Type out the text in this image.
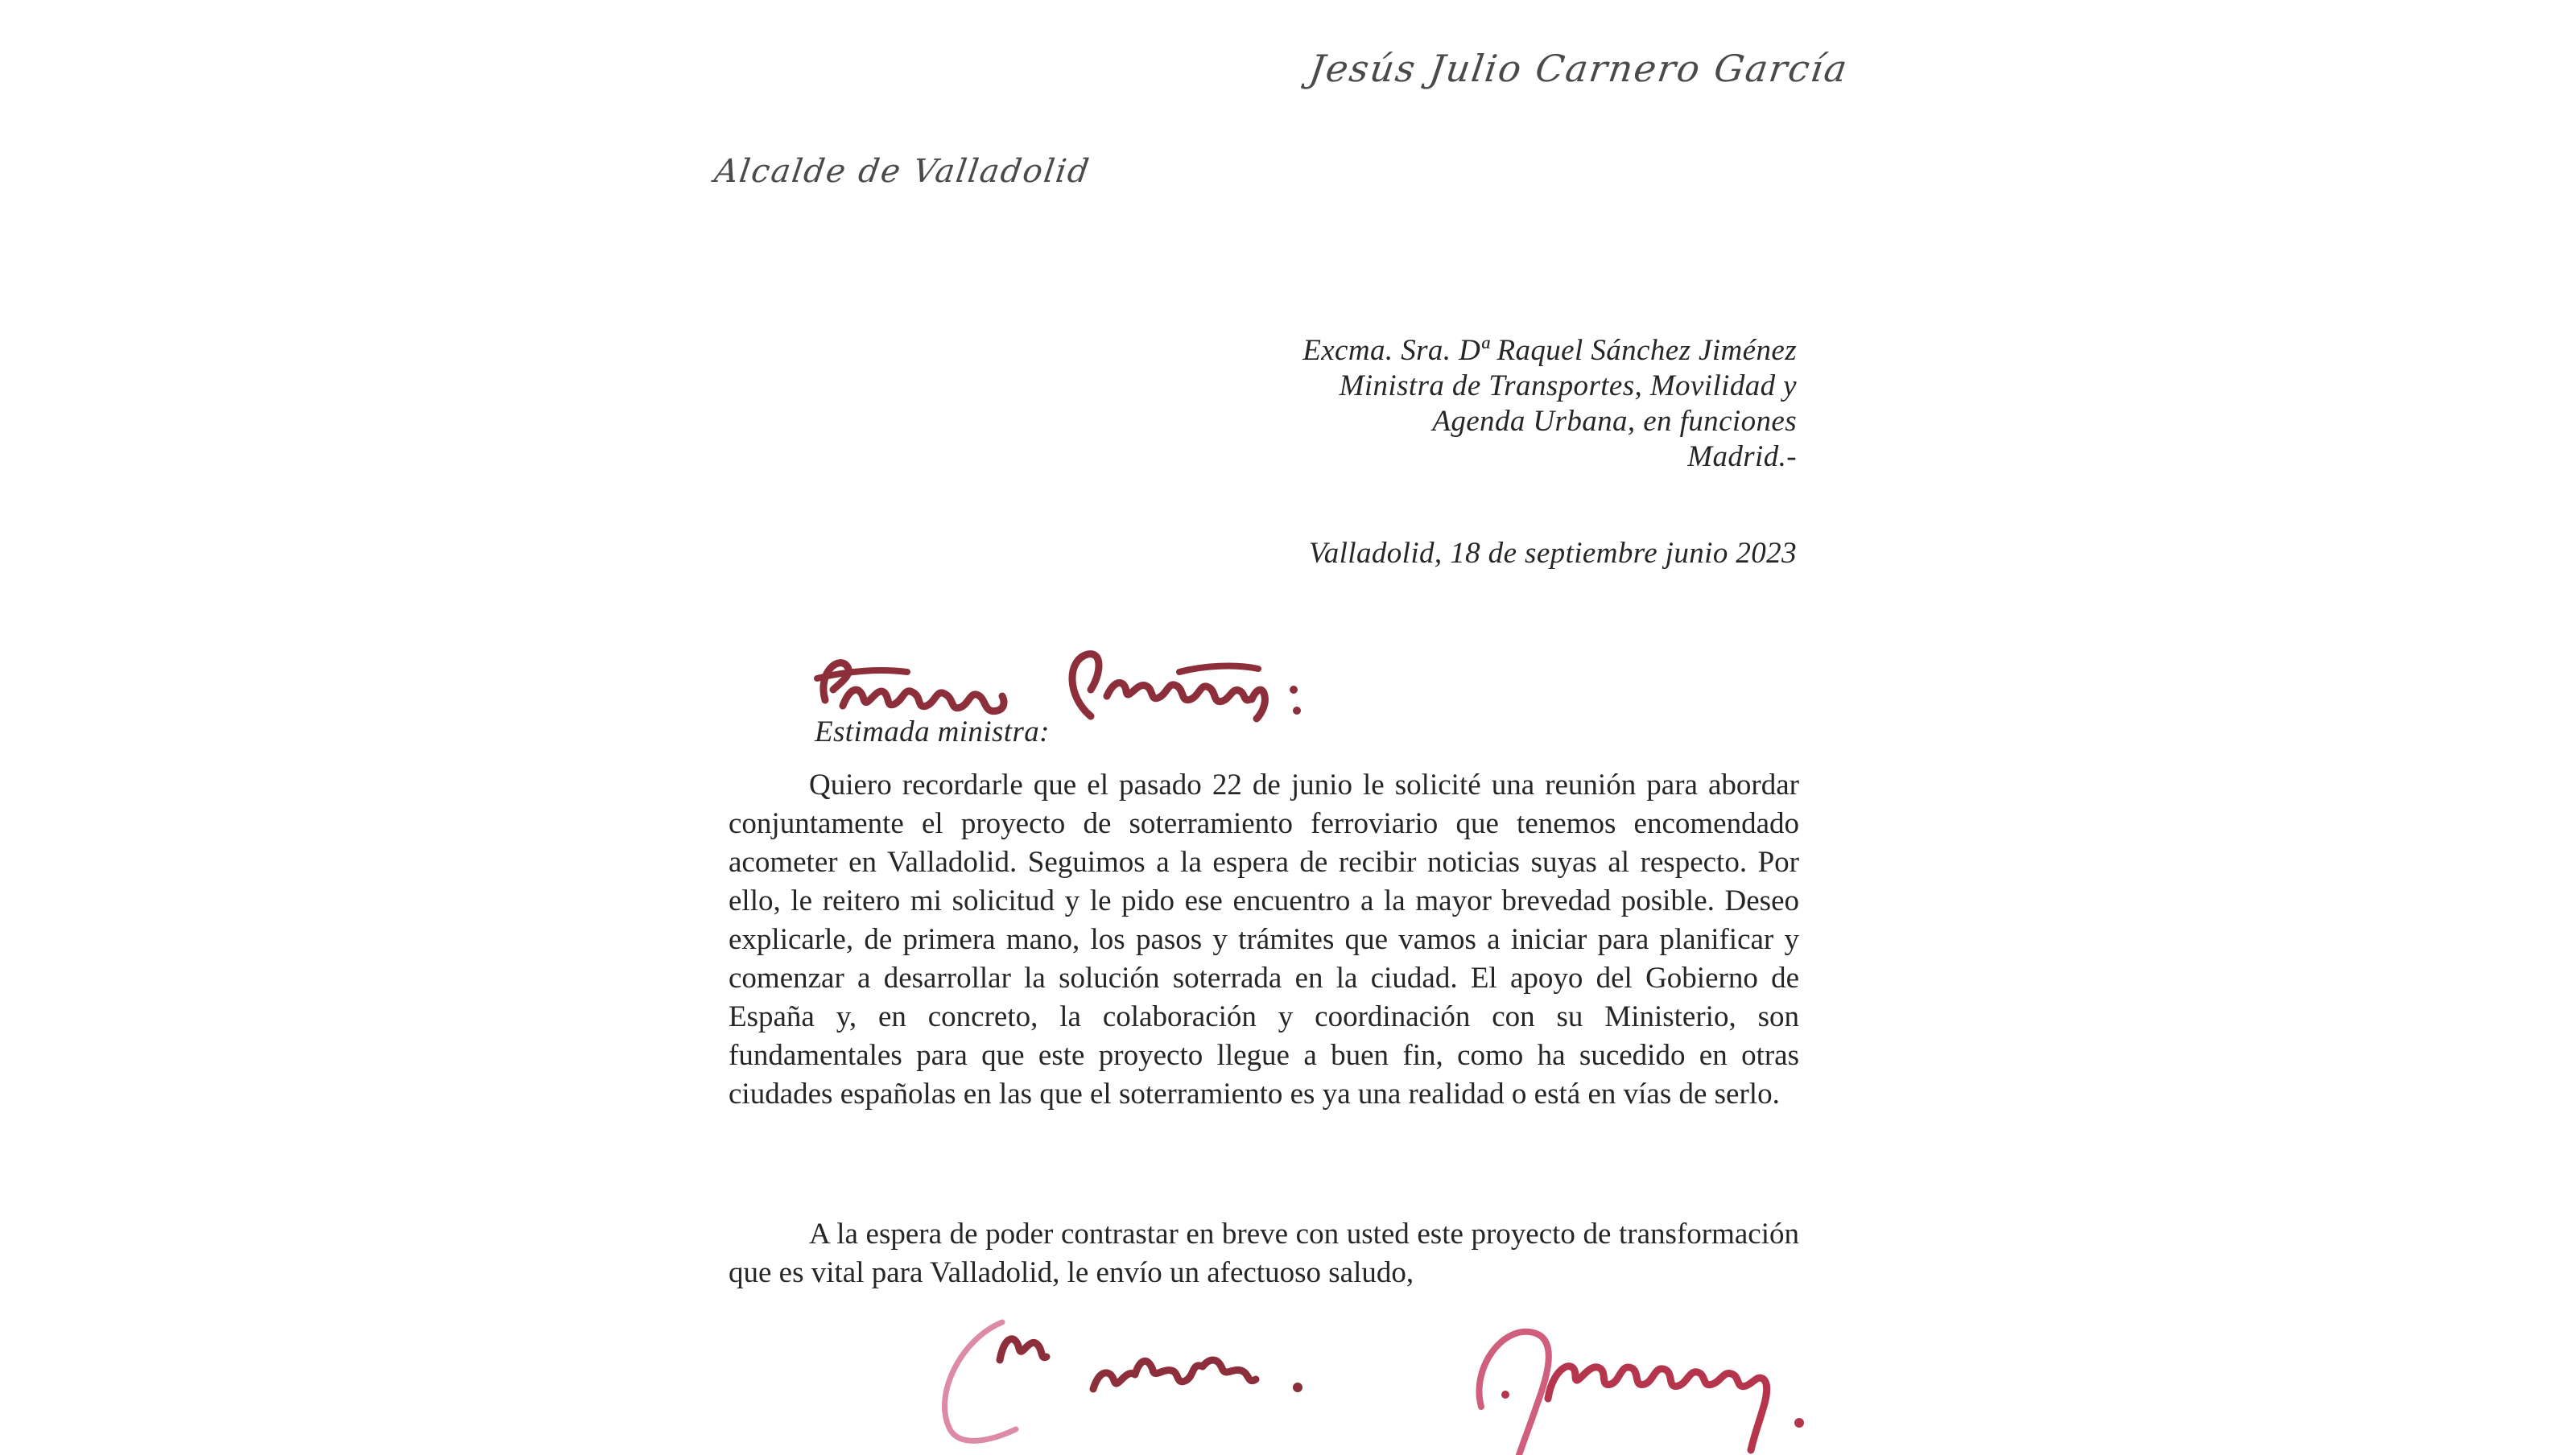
Jesús Julio Carnero García
Alcalde de Valladolid
Excma. Sra. Dª Raquel Sánchez Jiménez
Ministra de Transportes, Movilidad y
Agenda Urbana, en funciones
Madrid.-
Valladolid, 18 de septiembre junio 2023
Estimada ministra:
Quiero recordarle que el pasado 22 de junio le solicité una reunión para abordar conjuntamente el proyecto de soterramiento ferroviario que tenemos encomendado acometer en Valladolid. Seguimos a la espera de recibir noticias suyas al respecto. Por ello, le reitero mi solicitud y le pido ese encuentro a la mayor brevedad posible. Deseo explicarle, de primera mano, los pasos y trámites que vamos a iniciar para planificar y comenzar a desarrollar la solución soterrada en la ciudad. El apoyo del Gobierno de España y, en concreto, la colaboración y coordinación con su Ministerio, son fundamentales para que este proyecto llegue a buen fin, como ha sucedido en otras ciudades españolas en las que el soterramiento es ya una realidad o está en vías de serlo.
A la espera de poder contrastar en breve con usted este proyecto de transformación que es vital para Valladolid, le envío un afectuoso saludo,
